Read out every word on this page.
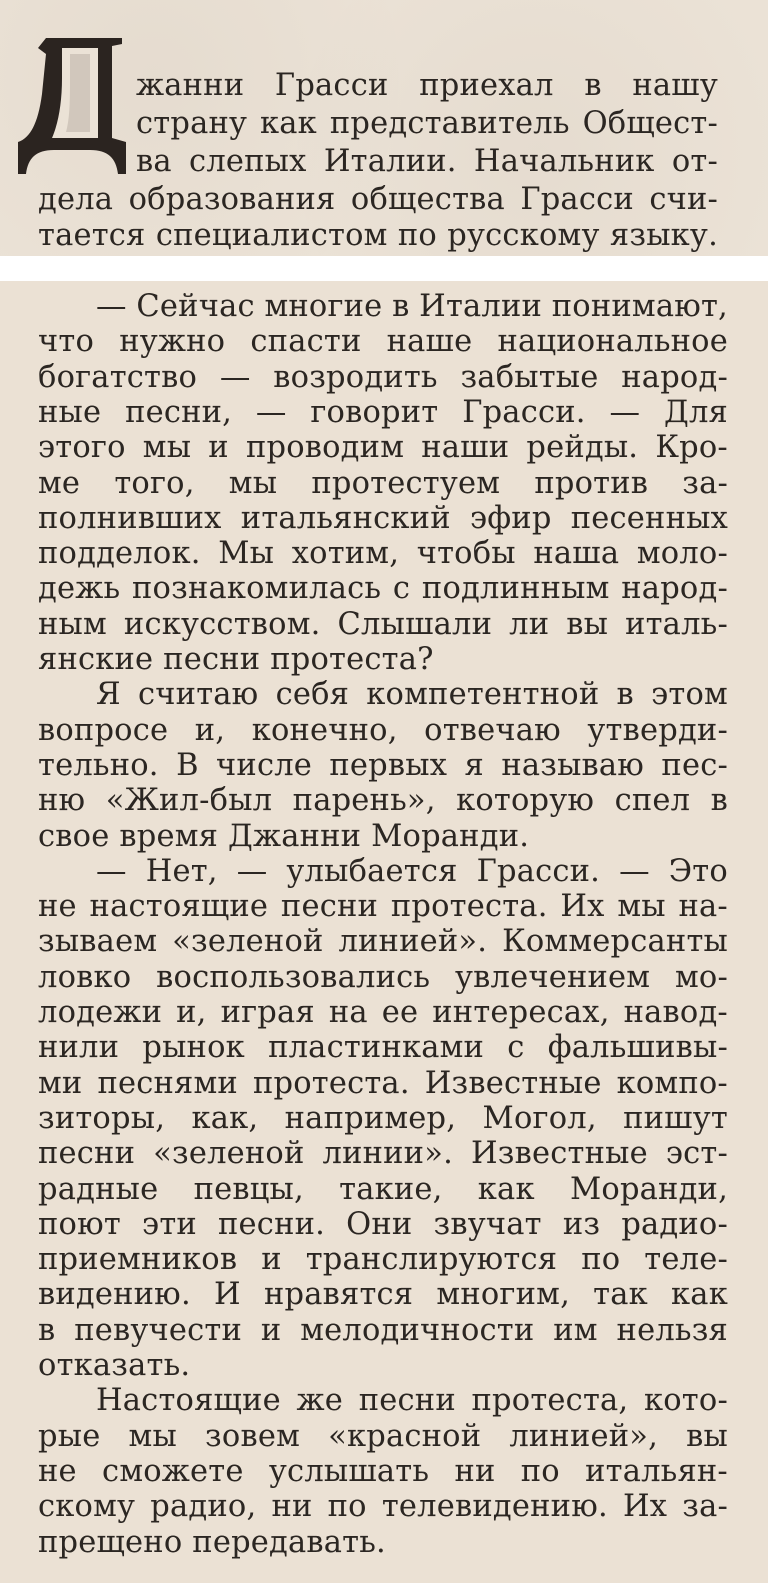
жанни Грасси приехал в нашу
страну как представитель Общест-
ва слепых Италии. Начальник от-
дела образования общества Грасси счи-
тается специалистом по русскому языку.
— Сейчас многие в Италии понимают,
что нужно спасти наше национальное
богатство — возродить забытые народ-
ные песни, — говорит Грасси. — Для
этого мы и проводим наши рейды. Кро-
ме того, мы протестуем против за-
полнивших итальянский эфир песенных
подделок. Мы хотим, чтобы наша моло-
дежь познакомилась с подлинным народ-
ным искусством. Слышали ли вы италь-
янские песни протеста?
Я считаю себя компетентной в этом
вопросе и, конечно, отвечаю утверди-
тельно. В числе первых я называю пес-
ню «Жил-был парень», которую спел в
свое время Джанни Моранди.
— Нет, — улыбается Грасси. — Это
не настоящие песни протеста. Их мы на-
зываем «зеленой линией». Коммерсанты
ловко воспользовались увлечением мо-
лодежи и, играя на ее интересах, навод-
нили рынок пластинками с фальшивы-
ми песнями протеста. Известные компо-
зиторы, как, например, Могол, пишут
песни «зеленой линии». Известные эст-
радные певцы, такие, как Моранди,
поют эти песни. Они звучат из радио-
приемников и транслируются по теле-
видению. И нравятся многим, так как
в певучести и мелодичности им нельзя
отказать.
Настоящие же песни протеста, кото-
рые мы зовем «красной линией», вы
не сможете услышать ни по итальян-
скому радио, ни по телевидению. Их за-
прещено передавать.
